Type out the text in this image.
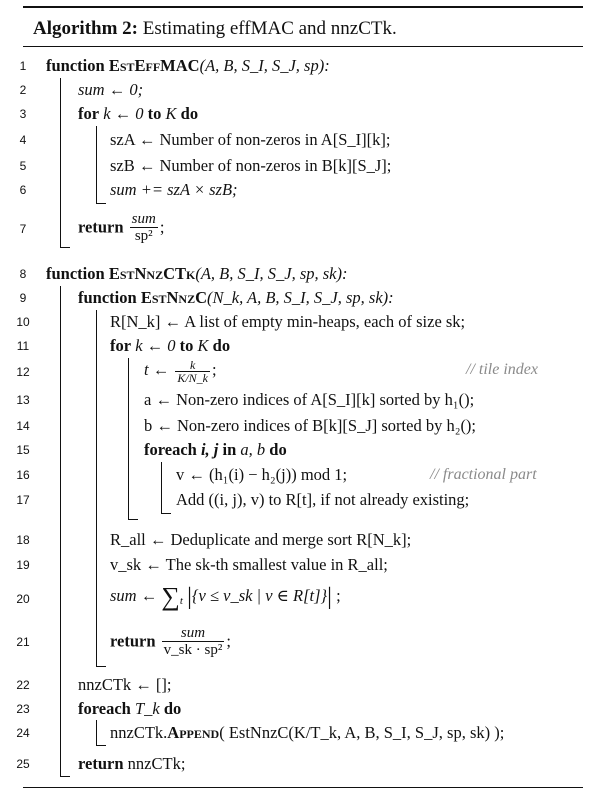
Algorithm 2: Estimating effMAC and nnzCTk.
1	function EstEffMAC(A, B, S_I, S_J, sp):
2	sum ← 0;
3	for k ← 0 to K do
4	szA ← Number of non-zeros in A[S_I][k];
5	szB ← Number of non-zeros in B[k][S_J];
6	sum += szA × szB;
7	return $\frac{\text{sum}}{\text{sp²}}$ ;
8	function EstNnzCTk(A, B, S_I, S_J, sp, sk):
9	function EstNnzC(N_k, A, B, S_I, S_J, sp, sk):
10	R[N_k] ← A list of empty min-heaps, each of size sk;
11	for k ← 0 to K do
12	t ← $\frac{k}{K/N\_k}$ ;	// tile index
13	a ← Non-zero indices of A[S_I][k] sorted by h₁();
14	b ← Non-zero indices of B[k][S_J] sorted by h₂();
15	foreach i, j in a, b do
16	v ← (h₁(i) − h₂(j)) mod 1;	// fractional part
17	Add ((i, j), v) to R[t], if not already existing;
18	R_all ← Deduplicate and merge sort R[N_k];
19	v_sk ← The sk-th smallest value in R_all;
20	sum ← $\sum_t$ |{v ≤ v_sk | v ∈ R[t]}| ;
21	return $\frac{\text{sum}}{\text{v\_sk · sp²}}$ ;
22	nnzCTk ← [];
23	foreach T_k do
24	nnzCTk.Append( EstNnzC(K/T_k, A, B, S_I, S_J, sp, sk) );
25	return nnzCTk;
